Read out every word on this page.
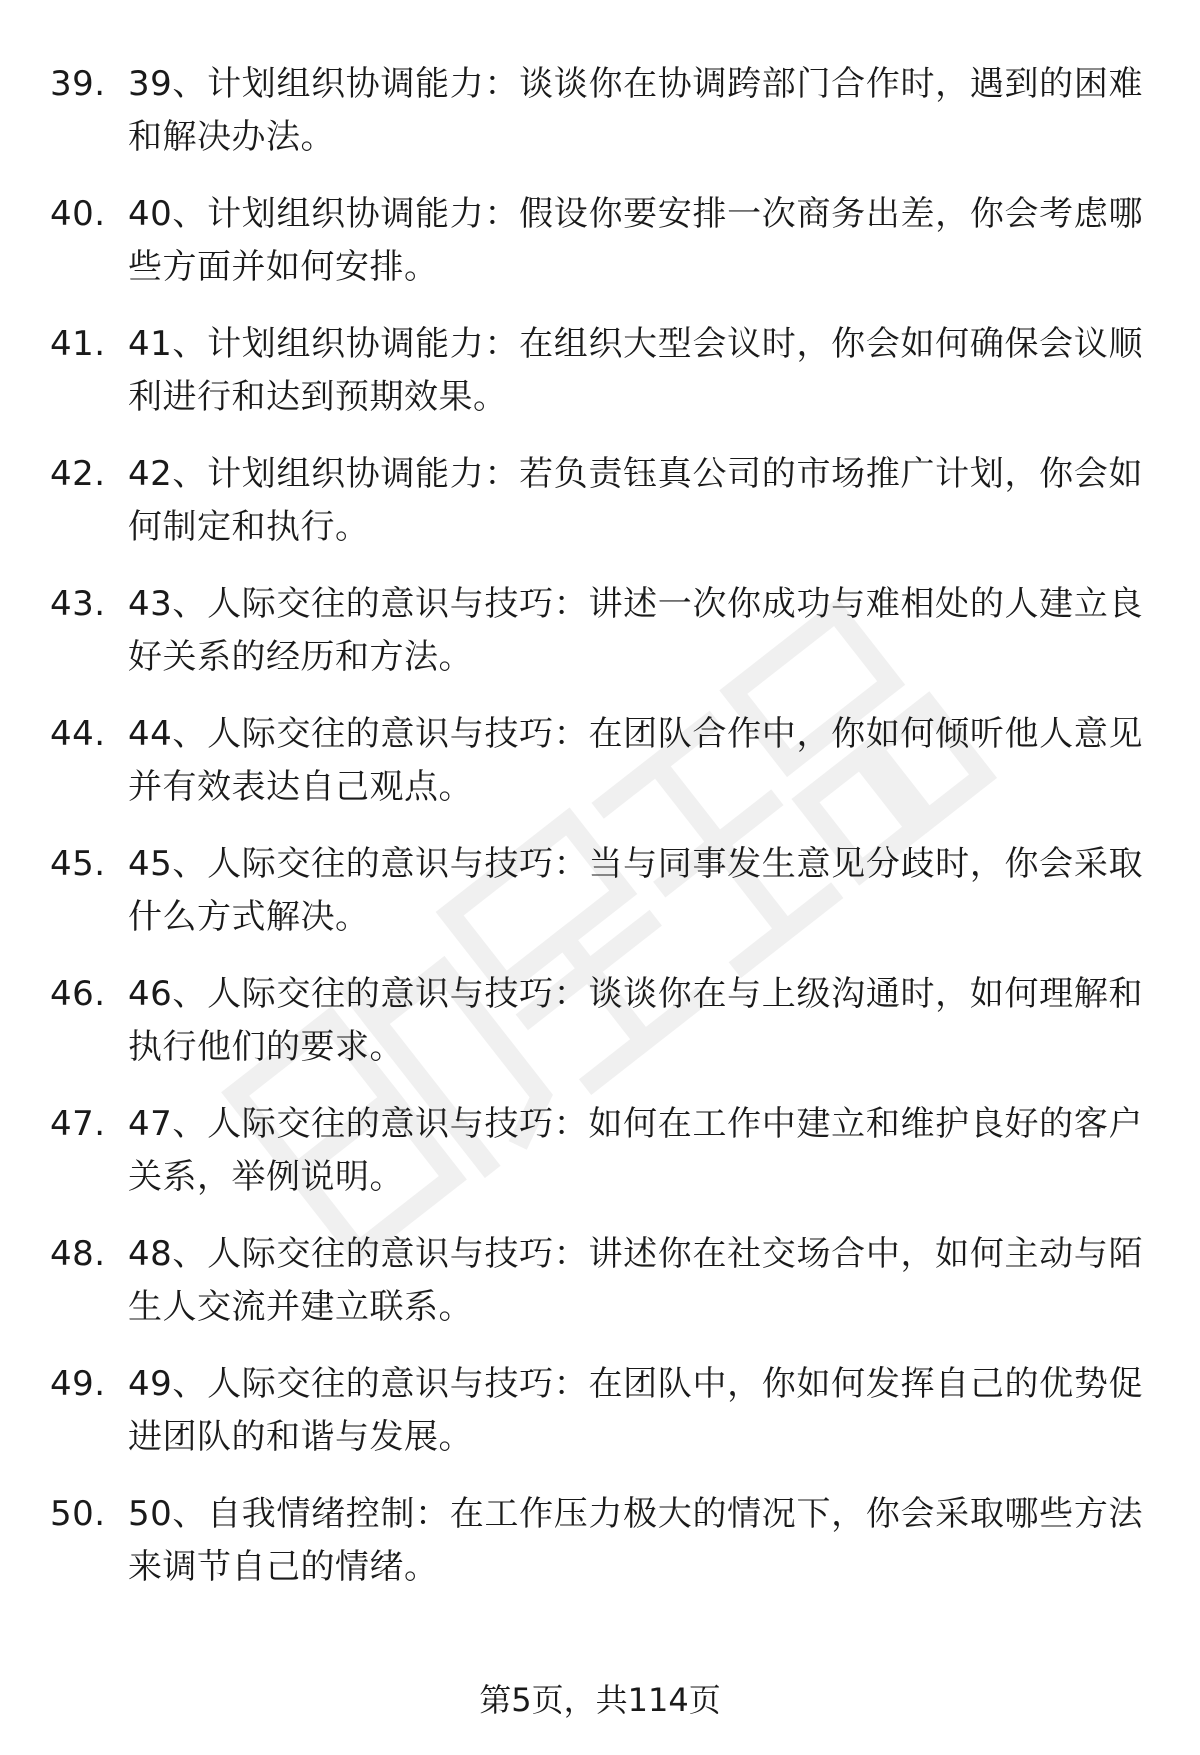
39. 39、计划组织协调能力：谈谈你在协调跨部门合作时，遇到的困难和解决办法。
40. 40、计划组织协调能力：假设你要安排一次商务出差，你会考虑哪些方面并如何安排。
41. 41、计划组织协调能力：在组织大型会议时，你会如何确保会议顺利进行和达到预期效果。
42. 42、计划组织协调能力：若负责钰真公司的市场推广计划，你会如何制定和执行。
43. 43、人际交往的意识与技巧：讲述一次你成功与难相处的人建立良好关系的经历和方法。
44. 44、人际交往的意识与技巧：在团队合作中，你如何倾听他人意见并有效表达自己观点。
45. 45、人际交往的意识与技巧：当与同事发生意见分歧时，你会采取什么方式解决。
46. 46、人际交往的意识与技巧：谈谈你在与上级沟通时，如何理解和执行他们的要求。
47. 47、人际交往的意识与技巧：如何在工作中建立和维护良好的客户关系，举例说明。
48. 48、人际交往的意识与技巧：讲述你在社交场合中，如何主动与陌生人交流并建立联系。
49. 49、人际交往的意识与技巧：在团队中，你如何发挥自己的优势促进团队的和谐与发展。
50. 50、自我情绪控制：在工作压力极大的情况下，你会采取哪些方法来调节自己的情绪。
第5页，共114页
